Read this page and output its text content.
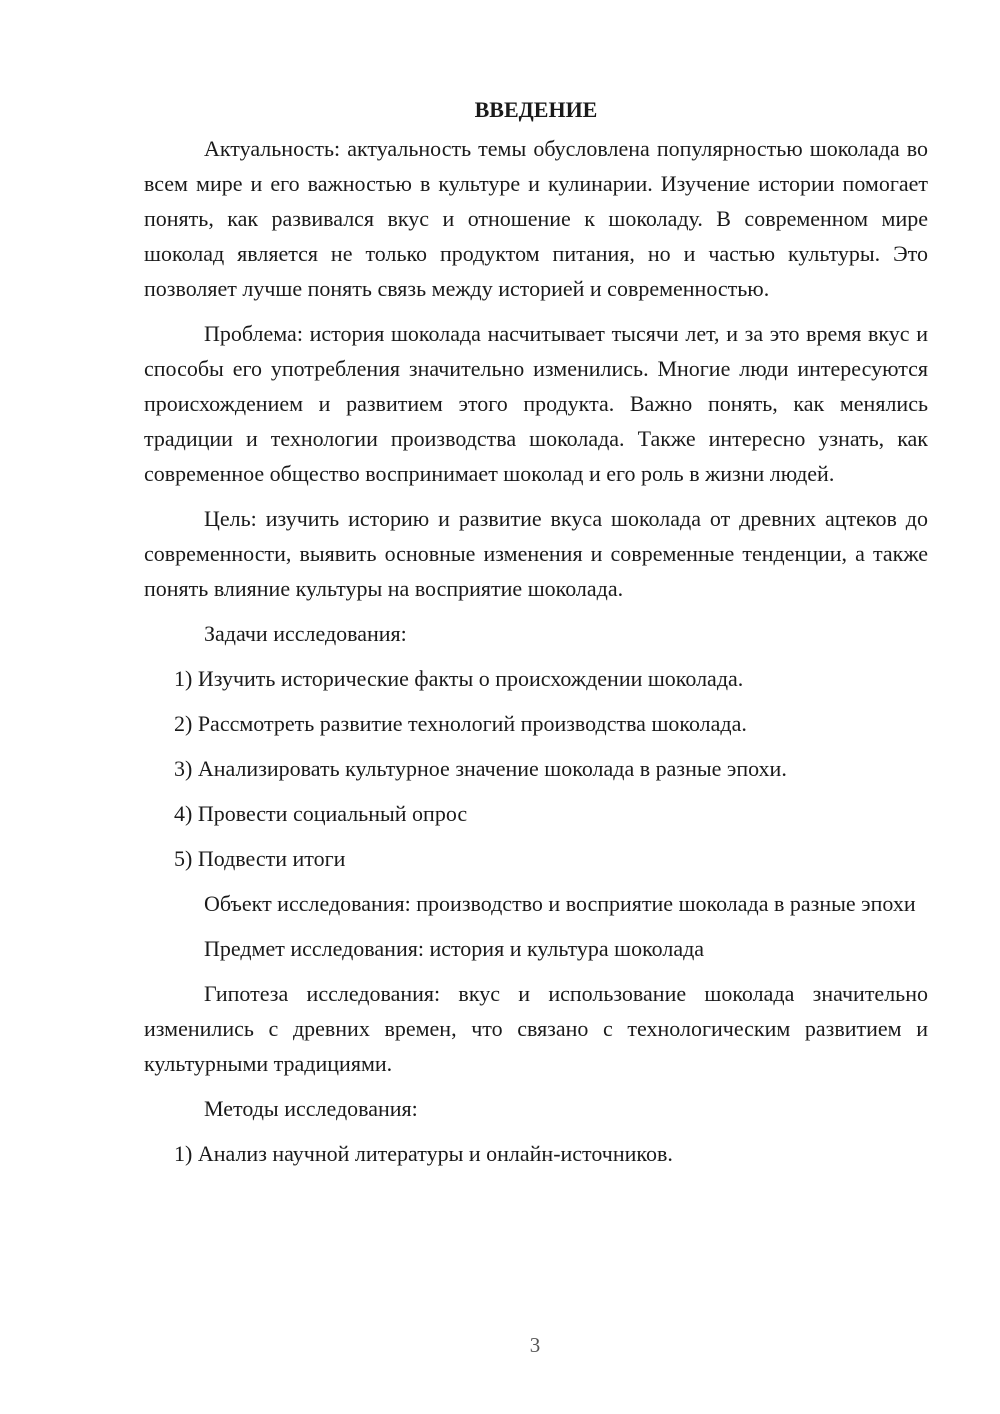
ВВЕДЕНИЕ

Актуальность: актуальность темы обусловлена популярностью шоколада во всем мире и его важностью в культуре и кулинарии. Изучение истории помогает понять, как развивался вкус и отношение к шоколаду. В современном мире шоколад является не только продуктом питания, но и частью культуры. Это позволяет лучше понять связь между историей и современностью.

Проблема: история шоколада насчитывает тысячи лет, и за это время вкус и способы его употребления значительно изменились. Многие люди интересуются происхождением и развитием этого продукта. Важно понять, как менялись традиции и технологии производства шоколада. Также интересно узнать, как современное общество воспринимает шоколад и его роль в жизни людей.

Цель: изучить историю и развитие вкуса шоколада от древних ацтеков до современности, выявить основные изменения и современные тенденции, а также понять влияние культуры на восприятие шоколада.

Задачи исследования:

1) Изучить исторические факты о происхождении шоколада.

2) Рассмотреть развитие технологий производства шоколада.

3) Анализировать культурное значение шоколада в разные эпохи.

4) Провести социальный опрос

5) Подвести итоги

Объект исследования: производство и восприятие шоколада в разные эпохи

Предмет исследования: история и культура шоколада

Гипотеза исследования: вкус и использование шоколада значительно изменились с древних времен, что связано с технологическим развитием и культурными традициями.

Методы исследования:

1) Анализ научной литературы и онлайн-источников.

3
